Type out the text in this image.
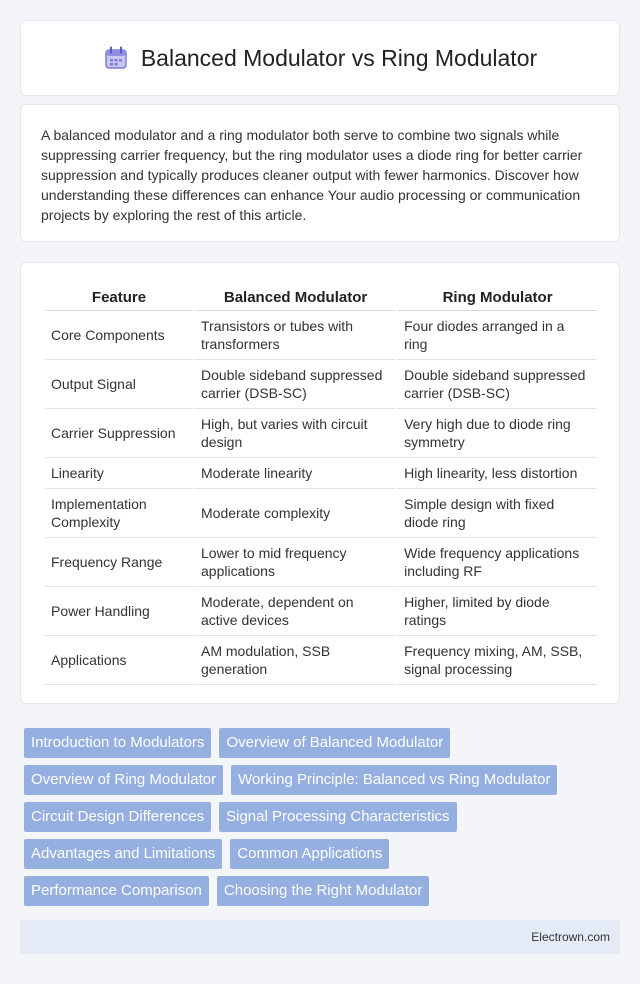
Balanced Modulator vs Ring Modulator

A balanced modulator and a ring modulator both serve to combine two signals while suppressing carrier frequency, but the ring modulator uses a diode ring for better carrier suppression and typically produces cleaner output with fewer harmonics. Discover how understanding these differences can enhance Your audio processing or communication projects by exploring the rest of this article.

Feature	Balanced Modulator	Ring Modulator
Core Components	Transistors or tubes with transformers	Four diodes arranged in a ring
Output Signal	Double sideband suppressed carrier (DSB-SC)	Double sideband suppressed carrier (DSB-SC)
Carrier Suppression	High, but varies with circuit design	Very high due to diode ring symmetry
Linearity	Moderate linearity	High linearity, less distortion
Implementation Complexity	Moderate complexity	Simple design with fixed diode ring
Frequency Range	Lower to mid frequency applications	Wide frequency applications including RF
Power Handling	Moderate, dependent on active devices	Higher, limited by diode ratings
Applications	AM modulation, SSB generation	Frequency mixing, AM, SSB, signal processing
Introduction to Modulators	Overview of Balanced Modulator
Overview of Ring Modulator	Working Principle: Balanced vs Ring Modulator
Circuit Design Differences	Signal Processing Characteristics
Advantages and Limitations	Common Applications
Performance Comparison	Choosing the Right Modulator
Electrown.com
